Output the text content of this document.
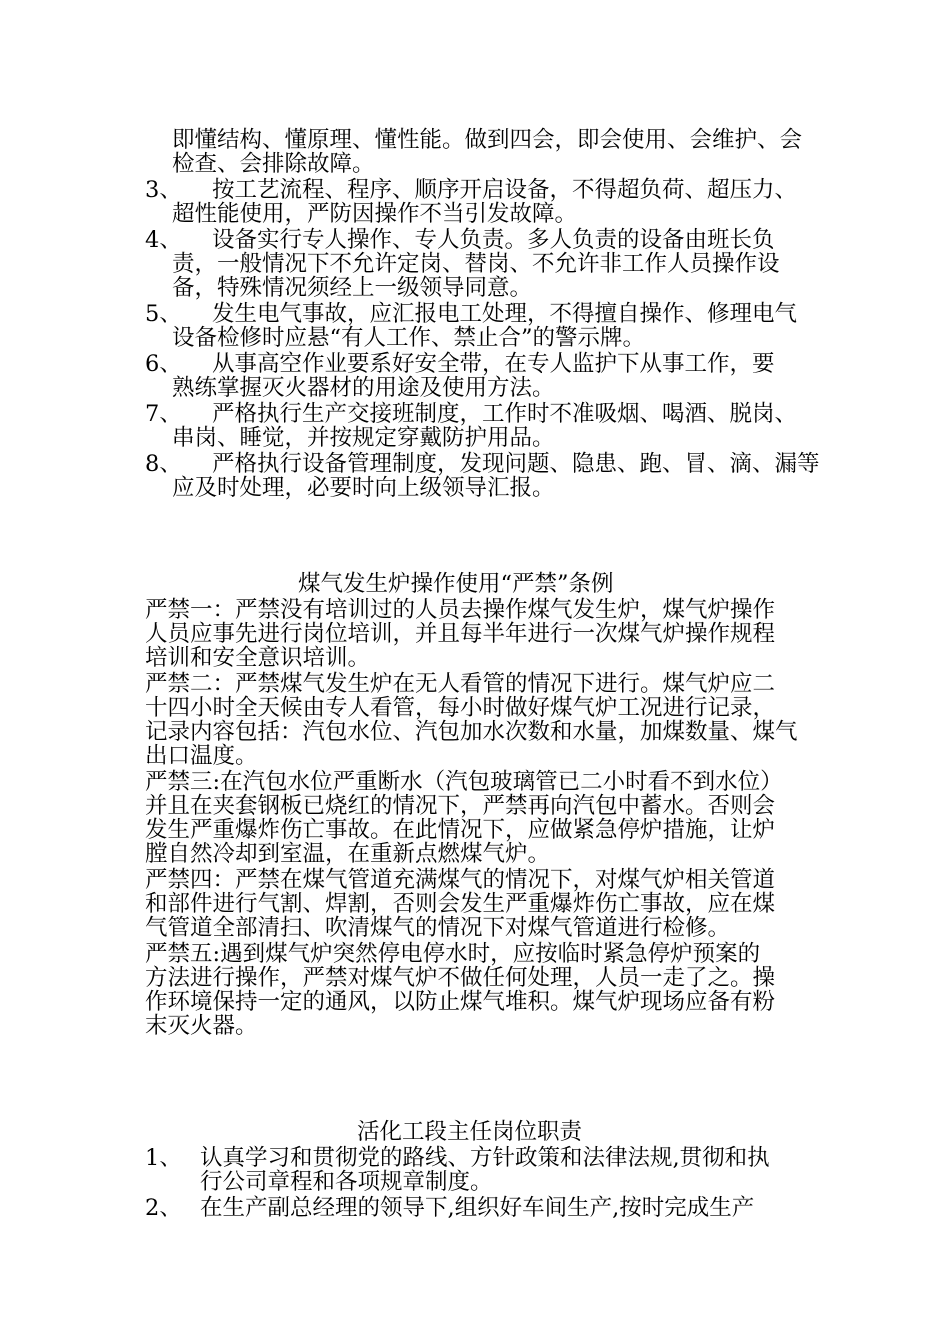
即懂结构、懂原理、懂性能。做到四会，即会使用、会维护、会

检查、会排除故障。

3、 按工艺流程、程序、顺序开启设备，不得超负荷、超压力、

超性能使用，严防因操作不当引发故障。

4、 设备实行专人操作、专人负责。多人负责的设备由班长负

责，一般情况下不允许定岗、替岗、不允许非工作人员操作设

备，特殊情况须经上一级领导同意。

5、 发生电气事故，应汇报电工处理，不得擅自操作、修理电气

设备检修时应悬“有人工作、禁止合”的警示牌。

6、 从事高空作业要系好安全带，在专人监护下从事工作，要

熟练掌握灭火器材的用途及使用方法。

7、 严格执行生产交接班制度，工作时不准吸烟、喝酒、脱岗、

串岗、睡觉，并按规定穿戴防护用品。

8、 严格执行设备管理制度，发现问题、隐患、跑、冒、滴、漏等

应及时处理，必要时向上级领导汇报。

煤气发生炉操作使用“严禁”条例

严禁一：严禁没有培训过的人员去操作煤气发生炉，煤气炉操作

人员应事先进行岗位培训，并且每半年进行一次煤气炉操作规程

培训和安全意识培训。

严禁二：严禁煤气发生炉在无人看管的情况下进行。煤气炉应二

十四小时全天候由专人看管，每小时做好煤气炉工况进行记录，

记录内容包括：汽包水位、汽包加水次数和水量，加煤数量、煤气

出口温度。

严禁三:在汽包水位严重断水（汽包玻璃管已二小时看不到水位）

并且在夹套钢板已烧红的情况下，严禁再向汽包中蓄水。否则会

发生严重爆炸伤亡事故。在此情况下，应做紧急停炉措施，让炉

膛自然冷却到室温，在重新点燃煤气炉。

严禁四：严禁在煤气管道充满煤气的情况下，对煤气炉相关管道

和部件进行气割、焊割，否则会发生严重爆炸伤亡事故，应在煤

气管道全部清扫、吹清煤气的情况下对煤气管道进行检修。

严禁五:遇到煤气炉突然停电停水时，应按临时紧急停炉预案的

方法进行操作，严禁对煤气炉不做任何处理，人员一走了之。操

作环境保持一定的通风，以防止煤气堆积。煤气炉现场应备有粉

末灭火器。

活化工段主任岗位职责
1、 认真学习和贯彻党的路线、方针政策和法律法规,贯彻和执

行公司章程和各项规章制度。

2、 在生产副总经理的领导下,组织好车间生产,按时完成生产
